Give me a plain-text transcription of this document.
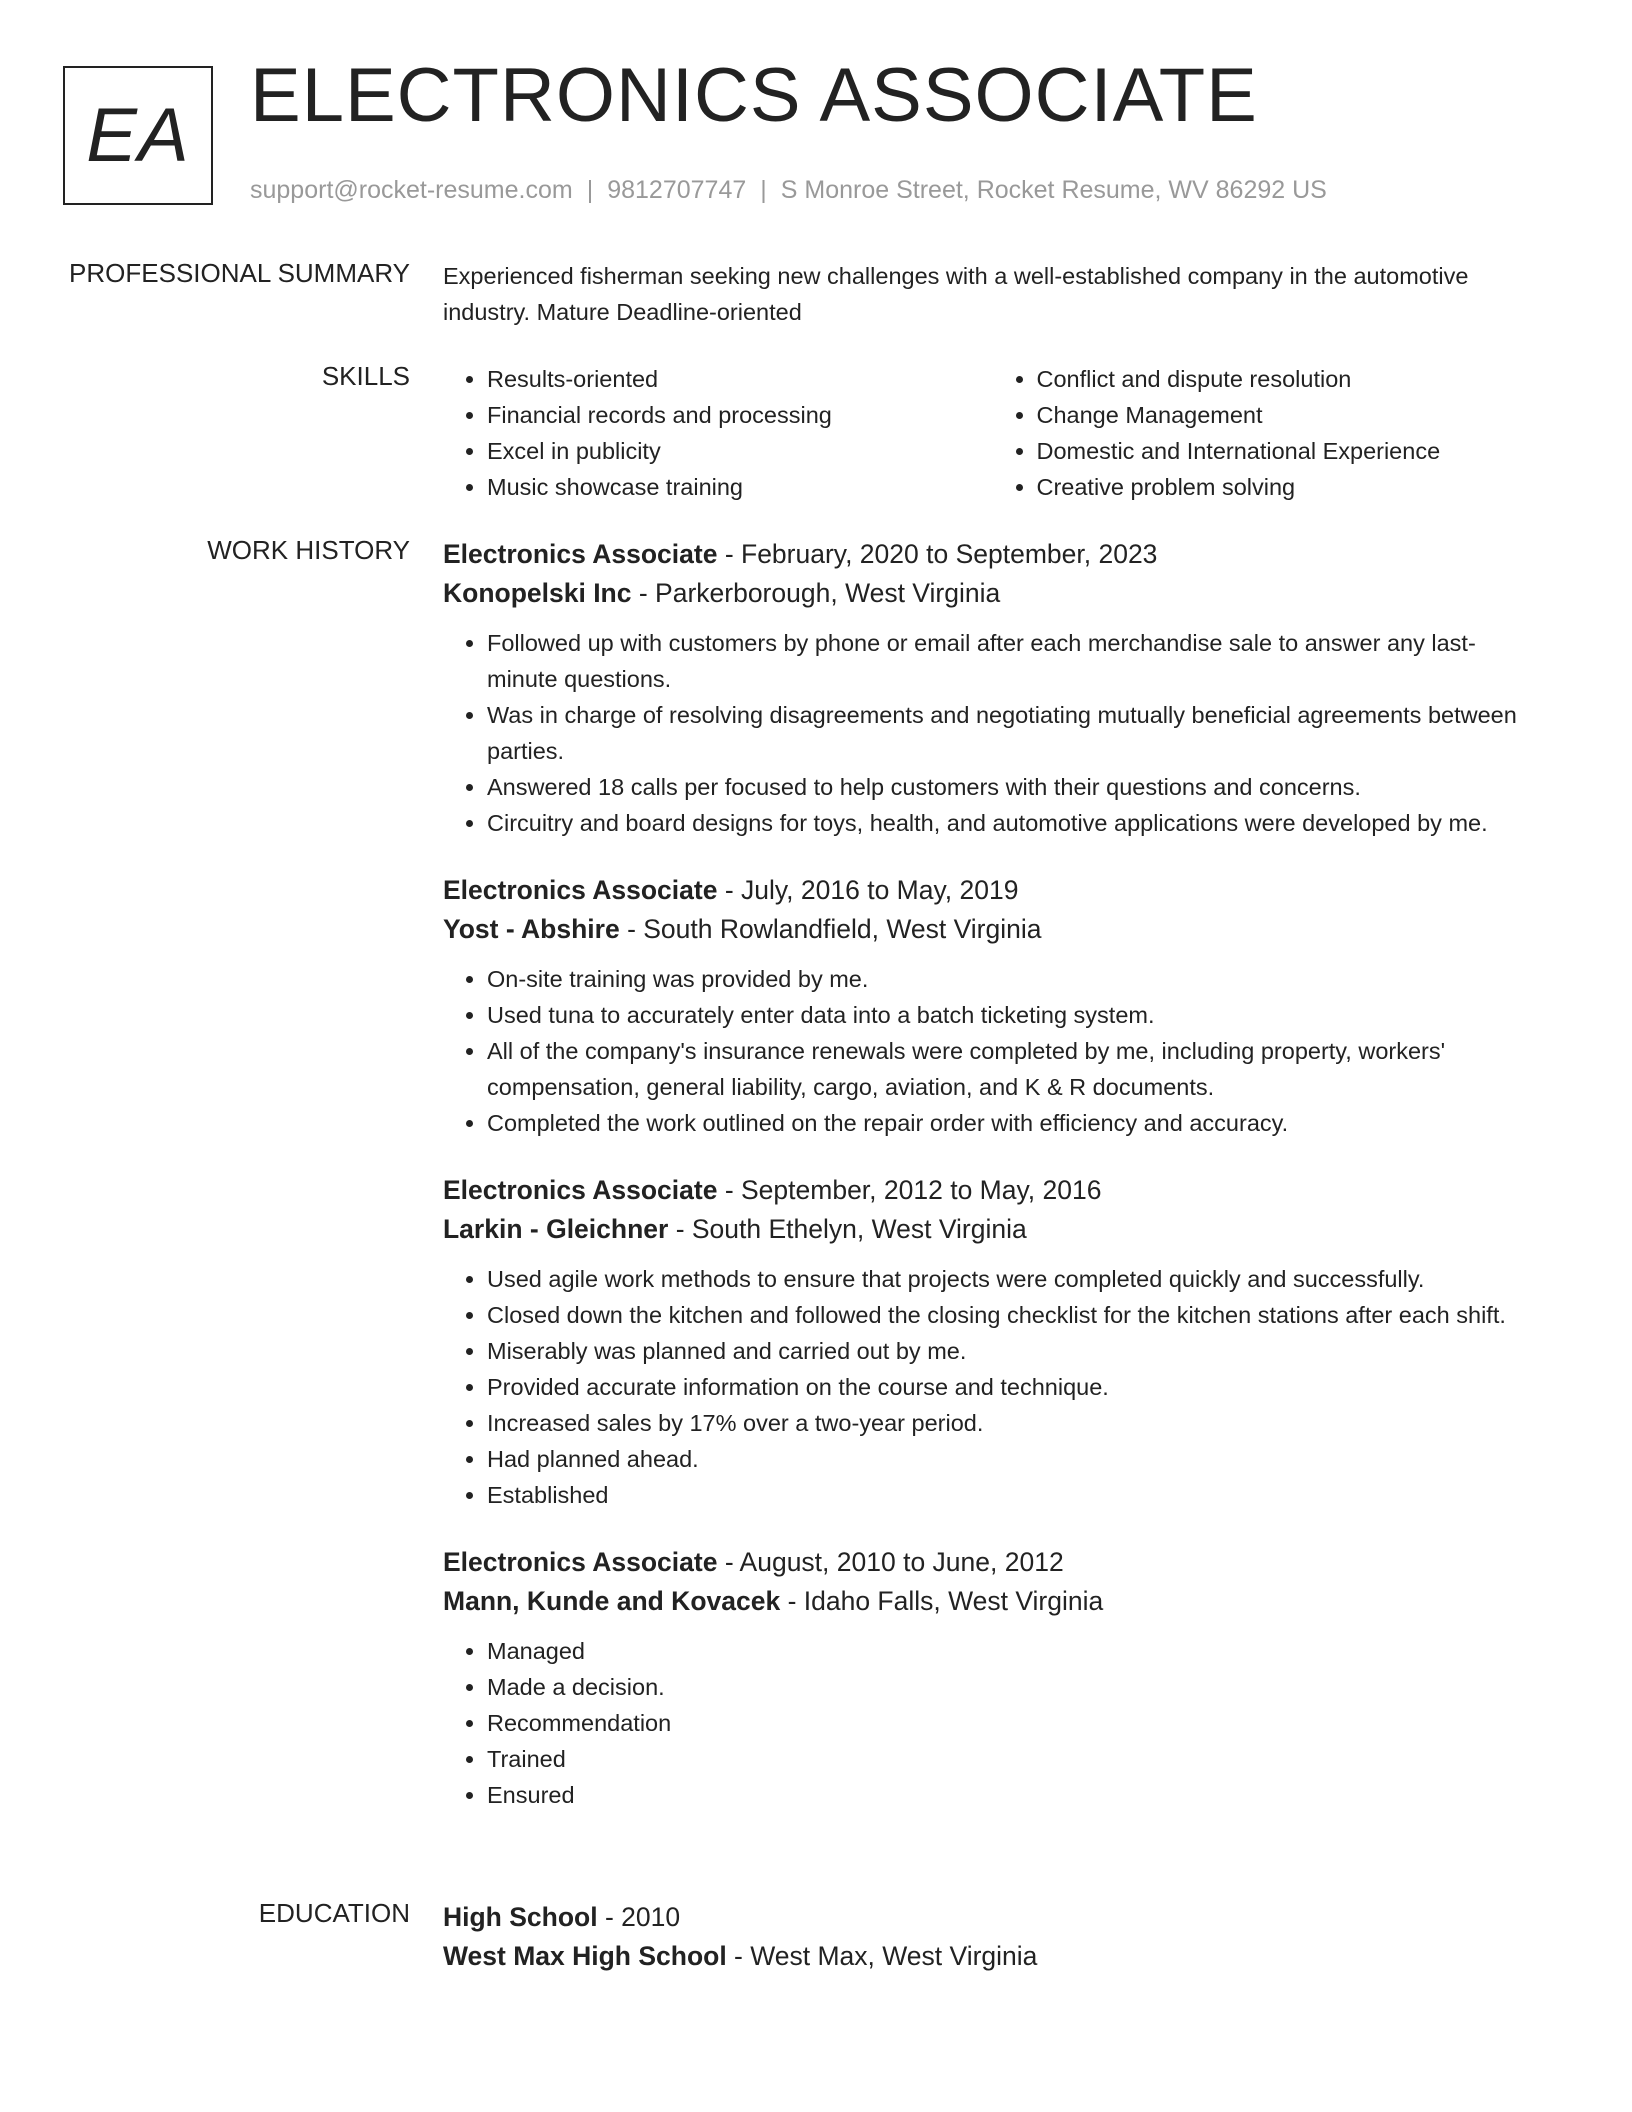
EA ELECTRONICS ASSOCIATE
support@rocket-resume.com | 9812707747 | S Monroe Street, Rocket Resume, WV 86292 US
PROFESSIONAL SUMMARY Experienced fisherman seeking new challenges with a well-established company in the automotive industry. Mature Deadline-oriented
SKILLS
•	Results-oriented
• Financial records and processing
• Excel in publicity
• Music showcase training
• Conflict and dispute resolution
• Change Management
• Domestic and International Experience
• Creative problem solving
WORK HISTORY Electronics Associate - February, 2020 to September, 2023
Konopelski Inc - Parkerborough, West Virginia
• Followed up with customers by phone or email after each merchandise sale to answer any last-minute questions.
• Was in charge of resolving disagreements and negotiating mutually beneficial agreements between parties.
• Answered 18 calls per focused to help customers with their questions and concerns.
• Circuitry and board designs for toys, health, and automotive applications were developed by me.
Electronics Associate - July, 2016 to May, 2019
Yost - Abshire - South Rowlandfield, West Virginia
• On-site training was provided by me.
• Used tuna to accurately enter data into a batch ticketing system.
• All of the company's insurance renewals were completed by me, including property, workers' compensation, general liability, cargo, aviation, and K & R documents.
• Completed the work outlined on the repair order with efficiency and accuracy.
Electronics Associate - September, 2012 to May, 2016
Larkin - Gleichner - South Ethelyn, West Virginia
• Used agile work methods to ensure that projects were completed quickly and successfully.
• Closed down the kitchen and followed the closing checklist for the kitchen stations after each shift.
• Miserably was planned and carried out by me.
• Provided accurate information on the course and technique.
• Increased sales by 17% over a two-year period.
• Had planned ahead.
• Established
Electronics Associate - August, 2010 to June, 2012
Mann, Kunde and Kovacek - Idaho Falls, West Virginia
• Managed
• Made a decision.
• Recommendation
• Trained
• Ensured
EDUCATION High School - 2010
West Max High School - West Max, West Virginia
